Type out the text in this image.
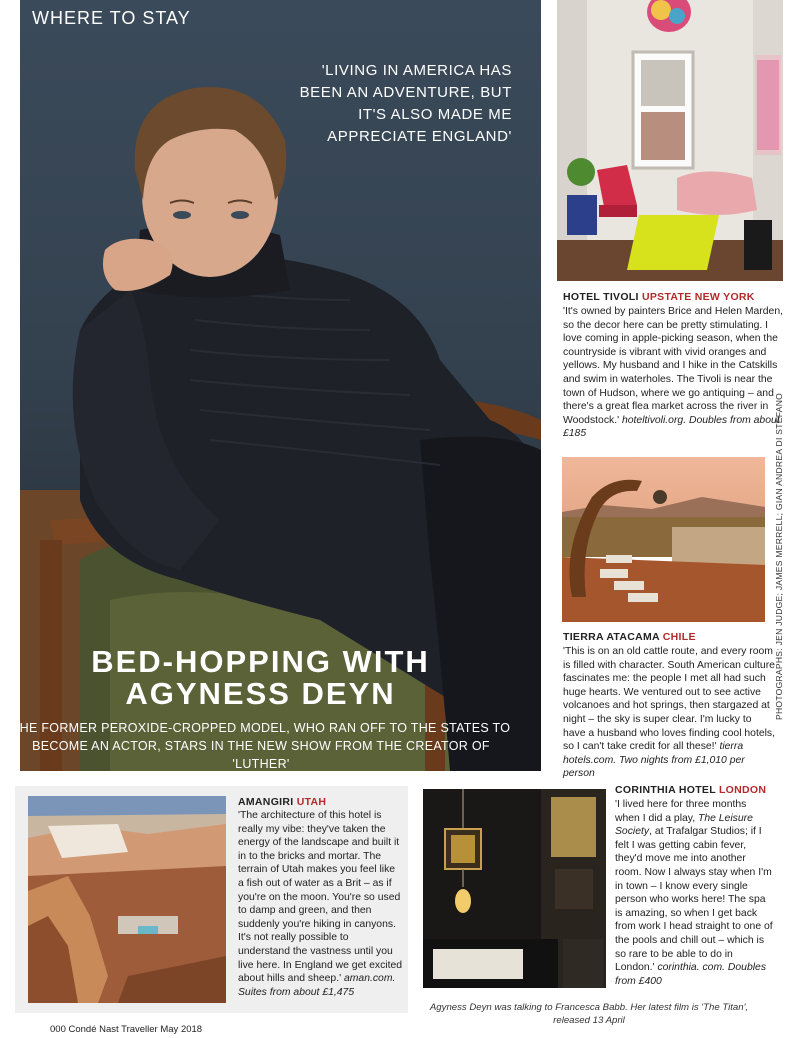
WHERE TO STAY
'LIVING IN AMERICA HAS BEEN AN ADVENTURE, BUT IT'S ALSO MADE ME APPRECIATE ENGLAND'
BED-HOPPING WITH
AGYNESS DEYN
THE FORMER PEROXIDE-CROPPED MODEL, WHO RAN OFF TO THE STATES TO BECOME AN ACTOR, STARS IN THE NEW SHOW FROM THE CREATOR OF 'LUTHER'
HOTEL TIVOLI UPSTATE NEW YORK
'It's owned by painters Brice and Helen Marden, so the decor here can be pretty stimulating. I love coming in apple-picking season, when the countryside is vibrant with vivid oranges and yellows. My husband and I hike in the Catskills and swim in waterholes. The Tivoli is near the town of Hudson, where we go antiquing – and there's a great flea market across the river in Woodstock.' hoteltivoli.org. Doubles from about £185
TIERRA ATACAMA CHILE
'This is on an old cattle route, and every room is filled with character. South American culture fascinates me: the people I met all had such huge hearts. We ventured out to see active volcanoes and hot springs, then stargazed at night – the sky is super clear. I'm lucky to have a husband who loves finding cool hotels, so I can't take credit for all these!' tierra hotels.com. Two nights from £1,010 per person
PHOTOGRAPHS: JEN JUDGE; JAMES MERRELL; GIAN ANDREA DI STEFANO
AMANGIRI UTAH
'The architecture of this hotel is really my vibe: they've taken the energy of the landscape and built it in to the bricks and mortar. The terrain of Utah makes you feel like a fish out of water as a Brit – as if you're on the moon. You're so used to damp and green, and then suddenly you're hiking in canyons. It's not really possible to understand the vastness until you live here. In England we get excited about hills and sheep.' aman.com. Suites from about £1,475
CORINTHIA HOTEL LONDON
'I lived here for three months when I did a play, The Leisure Society, at Trafalgar Studios; if I felt I was getting cabin fever, they'd move me into another room. Now I always stay when I'm in town – I know every single person who works here! The spa is amazing, so when I get back from work I head straight to one of the pools and chill out – which is so rare to be able to do in London.' corinthia. com. Doubles from £400
Agyness Deyn was talking to Francesca Babb. Her latest film is 'The Titan', released 13 April
000 Condé Nast Traveller May 2018
